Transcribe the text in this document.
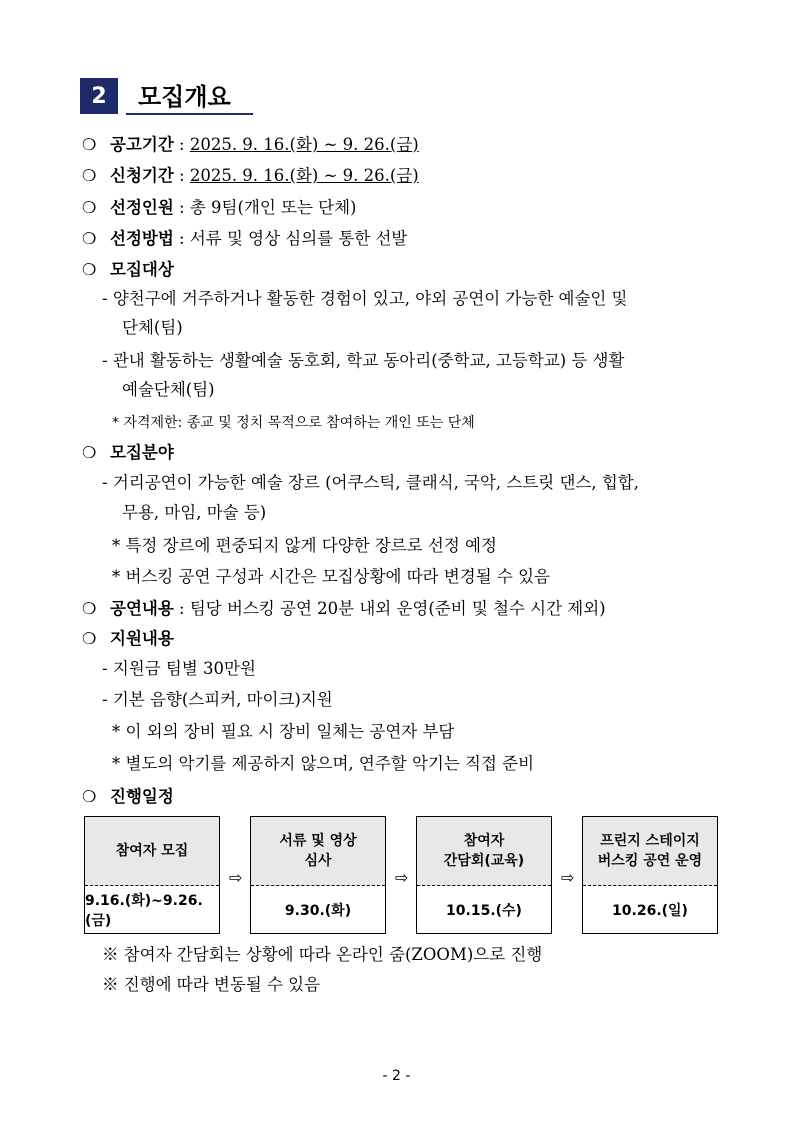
2	모집개요
❍ 공고기간 : 2025. 9. 16.(화) ~ 9. 26.(금)
❍ 신청기간 : 2025. 9. 16.(화) ~ 9. 26.(금)
❍ 선정인원 : 총 9팀(개인 또는 단체)
❍ 선정방법 : 서류 및 영상 심의를 통한 선발
❍ 모집대상
- 양천구에 거주하거나 활동한 경험이 있고, 야외 공연이 가능한 예술인 및
단체(팀)
- 관내 활동하는 생활예술 동호회, 학교 동아리(중학교, 고등학교) 등 생활
예술단체(팀)
* 자격제한: 종교 및 정치 목적으로 참여하는 개인 또는 단체
❍ 모집분야
- 거리공연이 가능한 예술 장르 (어쿠스틱, 클래식, 국악, 스트릿 댄스, 힙합,
무용, 마임, 마술 등)
* 특정 장르에 편중되지 않게 다양한 장르로 선정 예정
* 버스킹 공연 구성과 시간은 모집상황에 따라 변경될 수 있음
❍ 공연내용 : 팀당 버스킹 공연 20분 내외 운영(준비 및 철수 시간 제외)
❍ 지원내용
- 지원금 팀별 30만원
- 기본 음향(스피커, 마이크)지원
* 이 외의 장비 필요 시 장비 일체는 공연자 부담
* 별도의 악기를 제공하지 않으며, 연주할 악기는 직접 준비
❍ 진행일정
참여자 모집
9.16.(화)~9.26.(금)
⇨
서류 및 영상
심사
9.30.(화)
⇨
참여자
간담회(교육)
10.15.(수)
⇨
프린지 스테이지
버스킹 공연 운영
10.26.(일)
※ 참여자 간담회는 상황에 따라 온라인 줌(ZOOM)으로 진행
※ 진행에 따라 변동될 수 있음
- 2 -
